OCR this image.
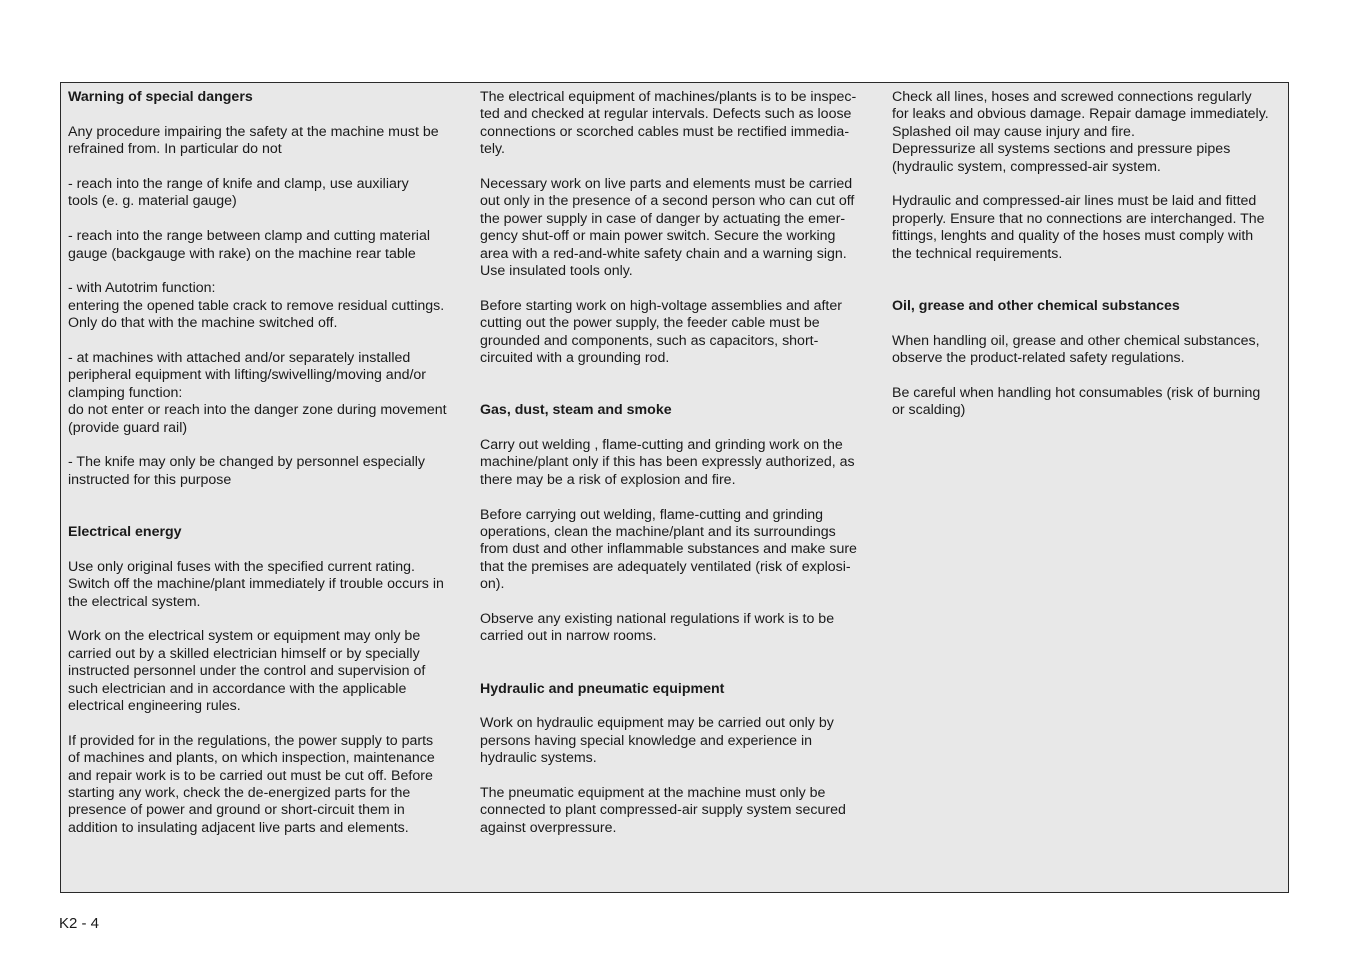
Warning of special dangers

Any procedure impairing the safety at the machine must be
refrained from. In particular do not

- reach into the range of knife and clamp, use auxiliary
tools (e. g. material gauge)

- reach into the range between clamp and cutting material
gauge (backgauge with rake) on the machine rear table

- with Autotrim function:
entering the opened table crack to remove residual cuttings.
Only do that with the machine switched off.

- at machines with attached and/or separately installed
peripheral equipment with lifting/swivelling/moving and/or
clamping function:
do not enter or reach into the danger zone during movement
(provide guard rail)

- The knife may only be changed by personnel especially
instructed for this purpose

Electrical energy

Use only original fuses with the specified current rating.
Switch off the machine/plant immediately if trouble occurs in
the electrical system.

Work on the electrical system or equipment may only be
carried out by a skilled electrician himself or by specially
instructed personnel under the control and supervision of
such electrician and in accordance with the applicable
electrical engineering rules.

If provided for in the regulations, the power supply to parts
of machines and plants, on which inspection, maintenance
and repair work is to be carried out must be cut off. Before
starting any work, check the de-energized parts for the
presence of power and ground or short-circuit them in
addition to insulating adjacent live parts and elements.

The electrical equipment of machines/plants is to be inspec-
ted and checked at regular intervals. Defects such as loose
connections or scorched cables must be rectified immedia-
tely.

Necessary work on live parts and elements must be carried
out only in the presence of a second person who can cut off
the power supply in case of danger by actuating the emer-
gency shut-off or main power switch. Secure the working
area with a red-and-white safety chain and a warning sign.
Use insulated tools only.

Before starting work on high-voltage assemblies and after
cutting out the power supply, the feeder cable must be
grounded and components, such as capacitors, short-
circuited with a grounding rod.

Gas, dust, steam and smoke

Carry out welding , flame-cutting and grinding work on the
machine/plant only if this has been expressly authorized, as
there may be a risk of explosion and fire.

Before carrying out welding, flame-cutting and grinding
operations, clean the machine/plant and its surroundings
from dust and other inflammable substances and make sure
that the premises are adequately ventilated (risk of explosi-
on).

Observe any existing national regulations if work is to be
carried out in narrow rooms.

Hydraulic and pneumatic equipment

Work on hydraulic equipment may be carried out only by
persons having special knowledge and experience in
hydraulic systems.

The pneumatic equipment at the machine must only be
connected to plant compressed-air supply system secured
against overpressure.

Check all lines, hoses and screwed connections regularly
for leaks and obvious damage. Repair damage immediately.
Splashed oil may cause injury and fire.
Depressurize all systems sections and pressure pipes
(hydraulic system, compressed-air system.

Hydraulic and compressed-air lines must be laid and fitted
properly. Ensure that no connections are interchanged. The
fittings, lenghts and quality of the hoses must comply with
the technical requirements.

Oil, grease and other chemical substances

When handling oil, grease and other chemical substances,
observe the product-related safety regulations.

Be careful when handling hot consumables (risk of burning
or scalding)

K2 - 4
